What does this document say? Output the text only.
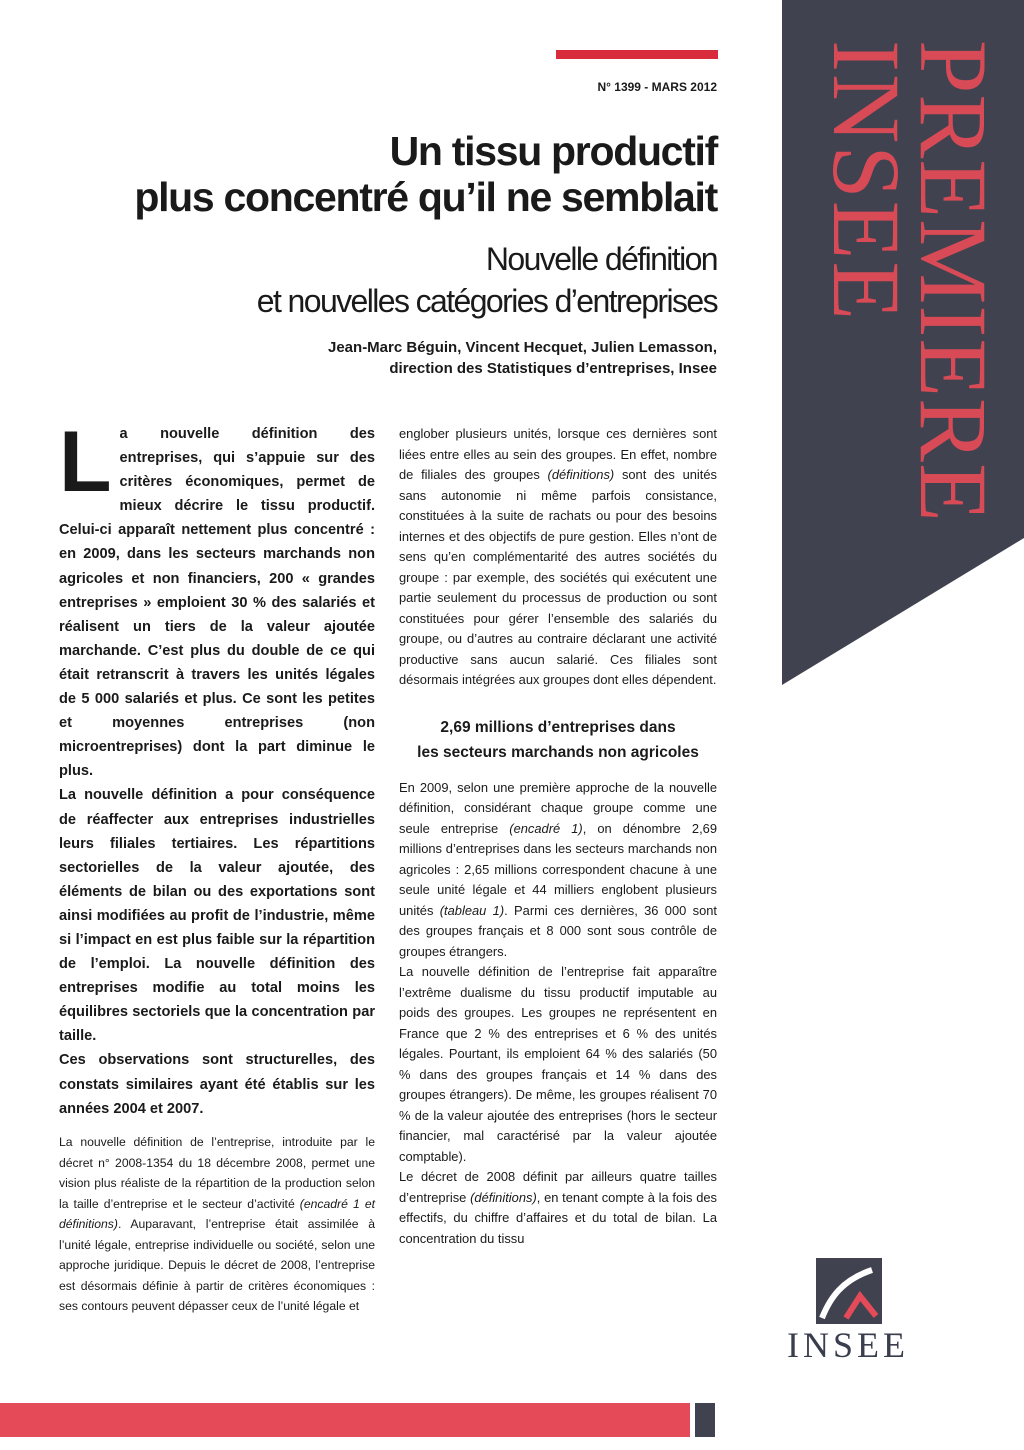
INSEE
PREMIERE
N° 1399 - MARS 2012
Un tissu productif
plus concentré qu’il ne semblait
Nouvelle définition
et nouvelles catégories d’entreprises
Jean-Marc Béguin, Vincent Hecquet, Julien Lemasson,
direction des Statistiques d’entreprises, Insee

La nouvelle définition des entreprises, qui s’appuie sur des critères économiques, permet de mieux décrire le tissu productif. Celui-ci apparaît nettement plus concentré : en 2009, dans les secteurs marchands non agricoles et non financiers, 200 « grandes entreprises » emploient 30 % des salariés et réalisent un tiers de la valeur ajoutée marchande. C’est plus du double de ce qui était retranscrit à travers les unités légales de 5 000 salariés et plus. Ce sont les petites et moyennes entreprises (non microentreprises) dont la part diminue le plus.

La nouvelle définition a pour conséquence de réaffecter aux entreprises industrielles leurs filiales tertiaires. Les répartitions sectorielles de la valeur ajoutée, des éléments de bilan ou des exportations sont ainsi modifiées au profit de l’industrie, même si l’impact en est plus faible sur la répartition de l’emploi. La nouvelle définition des entreprises modifie au total moins les équilibres sectoriels que la concentration par taille.

Ces observations sont structurelles, des constats similaires ayant été établis sur les années 2004 et 2007.

La nouvelle définition de l’entreprise, introduite par le décret n° 2008-1354 du 18 décembre 2008, permet une vision plus réaliste de la répartition de la production selon la taille d’entreprise et le secteur d’activité (encadré 1 et définitions). Auparavant, l’entreprise était assimilée à l’unité légale, entreprise individuelle ou société, selon une approche juridique. Depuis le décret de 2008, l’entreprise est désormais définie à partir de critères économiques : ses contours peuvent dépasser ceux de l’unité légale et

englober plusieurs unités, lorsque ces dernières sont liées entre elles au sein des groupes. En effet, nombre de filiales des groupes (définitions) sont des unités sans autonomie ni même parfois consistance, constituées à la suite de rachats ou pour des besoins internes et des objectifs de pure gestion. Elles n’ont de sens qu’en complémentarité des autres sociétés du groupe : par exemple, des sociétés qui exécutent une partie seulement du processus de production ou sont constituées pour gérer l’ensemble des salariés du groupe, ou d’autres au contraire déclarant une activité productive sans aucun salarié. Ces filiales sont désormais intégrées aux groupes dont elles dépendent.

2,69 millions d’entreprises dans
les secteurs marchands non agricoles

En 2009, selon une première approche de la nouvelle définition, considérant chaque groupe comme une seule entreprise (encadré 1), on dénombre 2,69 millions d’entreprises dans les secteurs marchands non agricoles : 2,65 millions correspondent chacune à une seule unité légale et 44 milliers englobent plusieurs unités (tableau 1). Parmi ces dernières, 36 000 sont des groupes français et 8 000 sont sous contrôle de groupes étrangers.

La nouvelle définition de l’entreprise fait apparaître l’extrême dualisme du tissu productif imputable au poids des groupes. Les groupes ne représentent en France que 2 % des entreprises et 6 % des unités légales. Pourtant, ils emploient 64 % des salariés (50 % dans des groupes français et 14 % dans des groupes étrangers). De même, les groupes réalisent 70 % de la valeur ajoutée des entreprises (hors le secteur financier, mal caractérisé par la valeur ajoutée comptable).

Le décret de 2008 définit par ailleurs quatre tailles d’entreprise (définitions), en tenant compte à la fois des effectifs, du chiffre d’affaires et du total de bilan. La concentration du tissu

INSEE
